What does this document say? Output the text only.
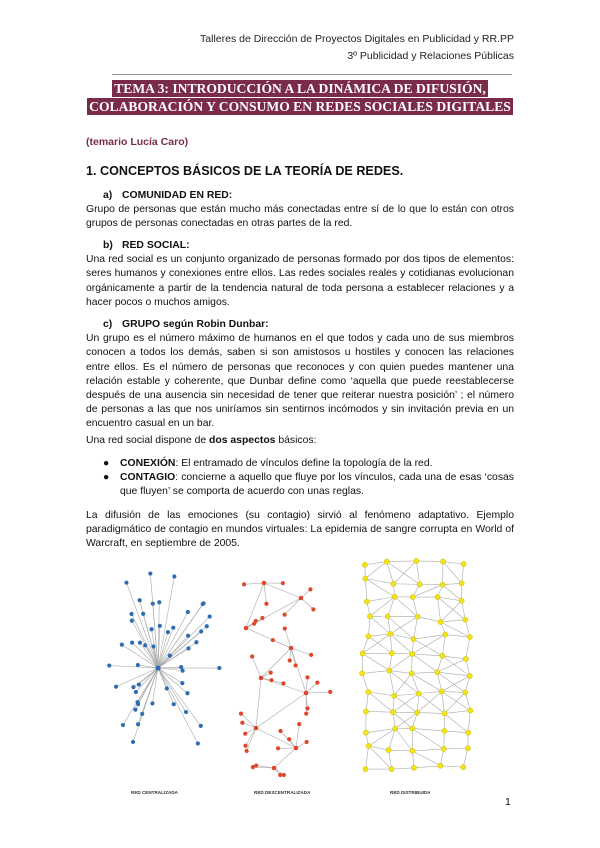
Talleres de Dirección de Proyectos Digitales en Publicidad y RR.PP
3º Publicidad y Relaciones Públicas
TEMA 3: INTRODUCCIÓN A LA DINÁMICA DE DIFUSIÓN,
COLABORACIÓN Y CONSUMO EN REDES SOCIALES DIGITALES
(temario Lucía Caro)
1. CONCEPTOS BÁSICOS DE LA TEORÍA DE REDES.
a) COMUNIDAD EN RED:

Grupo de personas que están mucho más conectadas entre sí de lo que lo están con otros grupos de personas conectadas en otras partes de la red.

b) RED SOCIAL:

Una red social es un conjunto organizado de personas formado por dos tipos de elementos: seres humanos y conexiones entre ellos. Las redes sociales reales y cotidianas evolucionan orgánicamente a partir de la tendencia natural de toda persona a establecer relaciones y a hacer pocos o muchos amigos.

c) GRUPO según Robin Dunbar:

Un grupo es el número máximo de humanos en el que todos y cada uno de sus miembros conocen a todos los demás, saben si son amistosos u hostiles y conocen las relaciones entre ellos. Es el número de personas que reconoces y con quien puedes mantener una relación estable y coherente, que Dunbar define como ‘aquella que puede reestablecerse después de una ausencia sin necesidad de tener que reiterar nuestra posición’ ; el número de personas a las que nos uniríamos sin sentirnos incómodos y sin invitación previa en un encuentro casual en un bar.

Una red social dispone de dos aspectos básicos:
● CONEXIÓN: El entramado de vínculos define la topología de la red.
● CONTAGIO: concierne a aquello que fluye por los vínculos, cada una de esas ‘cosas que fluyen’ se comporta de acuerdo con unas reglas.
La difusión de las emociones (su contagio) sirvió al fenómeno adaptativo. Ejemplo paradigmático de contagio en mundos virtuales: La epidemia de sangre corrupta en World of Warcraft, en septiembre de 2005.
RED CENTRALIZADA	RED DESCENTRALIZADA	RED DISTRIBUIDA
1
